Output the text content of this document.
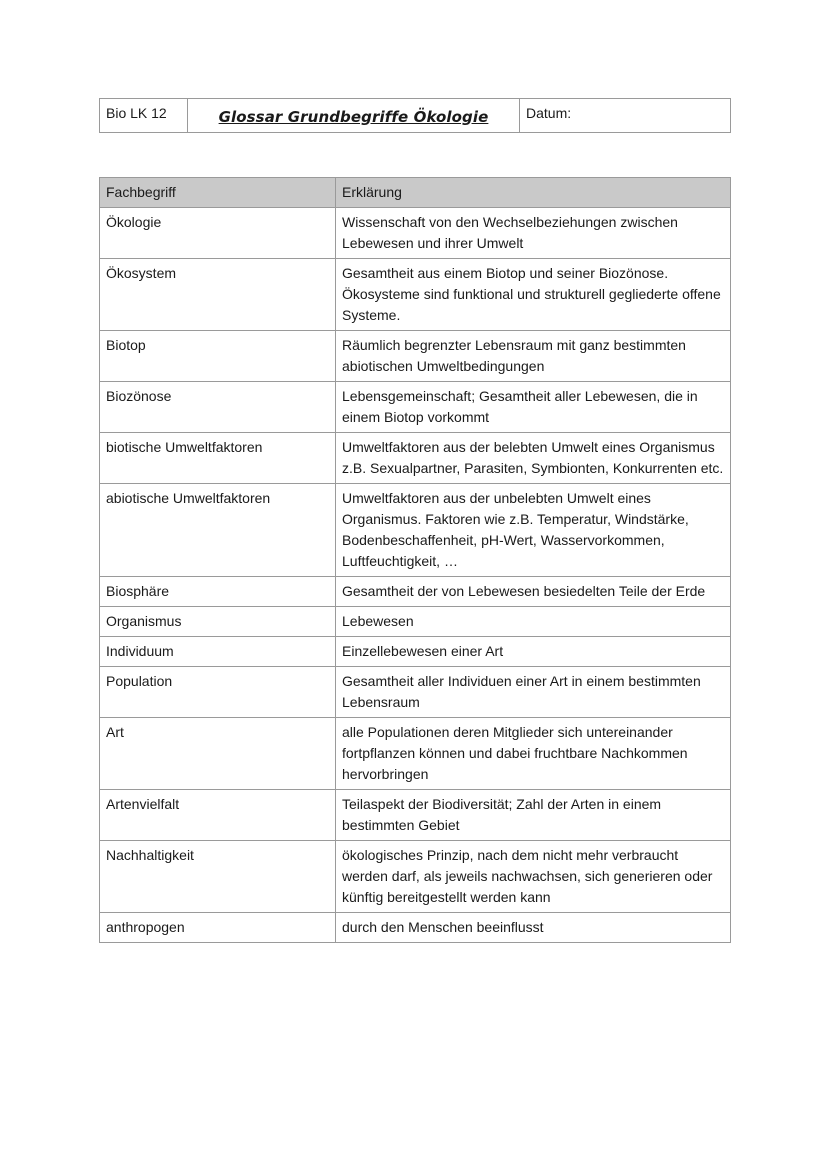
Bio LK 12	Glossar Grundbegriffe Ökologie	Datum:
Fachbegriff	Erklärung
Ökologie	Wissenschaft von den Wechselbeziehungen zwischen Lebewesen und ihrer Umwelt
Ökosystem	Gesamtheit aus einem Biotop und seiner Biozönose. Ökosysteme sind funktional und strukturell gegliederte offene Systeme.
Biotop	Räumlich begrenzter Lebensraum mit ganz bestimmten abiotischen Umweltbedingungen
Biozönose	Lebensgemeinschaft; Gesamtheit aller Lebewesen, die in einem Biotop vorkommt
biotische Umweltfaktoren	Umweltfaktoren aus der belebten Umwelt eines Organismus z.B. Sexualpartner, Parasiten, Symbionten, Konkurrenten etc.
abiotische Umweltfaktoren	Umweltfaktoren aus der unbelebten Umwelt eines Organismus. Faktoren wie z.B. Temperatur, Windstärke, Bodenbeschaffenheit, pH-Wert, Wasservorkommen, Luftfeuchtigkeit, …
Biosphäre	Gesamtheit der von Lebewesen besiedelten Teile der Erde
Organismus	Lebewesen
Individuum	Einzellebewesen einer Art
Population	Gesamtheit aller Individuen einer Art in einem bestimmten Lebensraum
Art	alle Populationen deren Mitglieder sich untereinander fortpflanzen können und dabei fruchtbare Nachkommen hervorbringen
Artenvielfalt	Teilaspekt der Biodiversität; Zahl der Arten in einem bestimmten Gebiet
Nachhaltigkeit	ökologisches Prinzip, nach dem nicht mehr verbraucht werden darf, als jeweils nachwachsen, sich generieren oder künftig bereitgestellt werden kann
anthropogen	durch den Menschen beeinflusst
